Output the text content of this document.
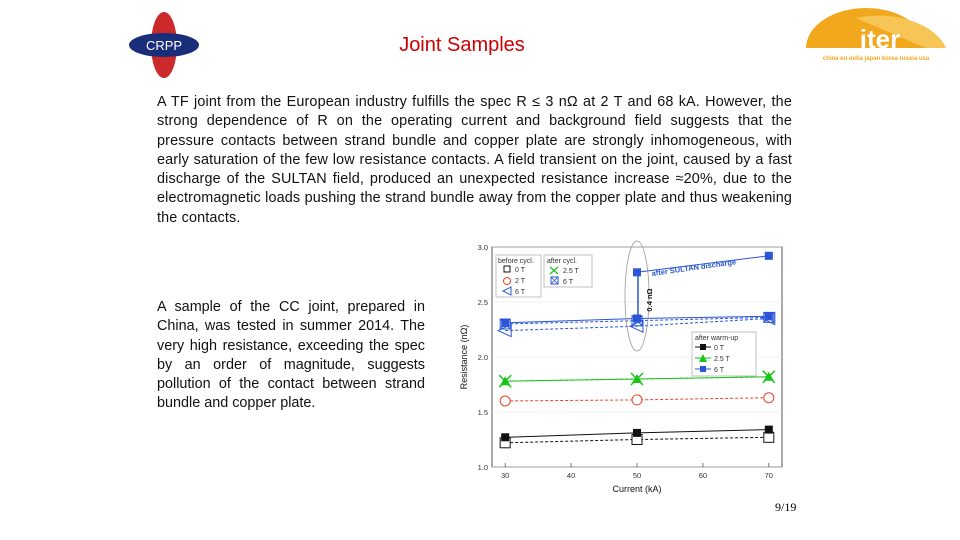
CRPP	iter
china eu india japan korea russia usa
Joint Samples
A TF joint from the European industry fulfills the spec R ≤ 3 nΩ at 2 T and 68 kA. However, the strong dependence of R on the operating current and background field suggests that the pressure contacts between strand bundle and copper plate are strongly inhomogeneous, with early saturation of the few low resistance contacts. A field transient on the joint, caused by a fast discharge of the SULTAN field, produced an unexpected resistance increase ≈20%, due to the electromagnetic loads pushing the strand bundle away from the copper plate and thus weakening the contacts.
A sample of the CC joint, prepared in China, was tested in summer 2014. The very high resistance, exceeding the spec by an order of magnitude, suggests pollution of the contact between strand bundle and copper plate.
1.0
1.5
2.0
2.5
3.0
30	40	50	60	70
before cycl.
0 T
2 T
6 T
after cycl.
2.5 T
6 T
after warm-up
0 T
2.5 T
6 T
after SULTAN discharge
0.4 nΩ
Current (kA)
Resistance (nΩ)
9/19
